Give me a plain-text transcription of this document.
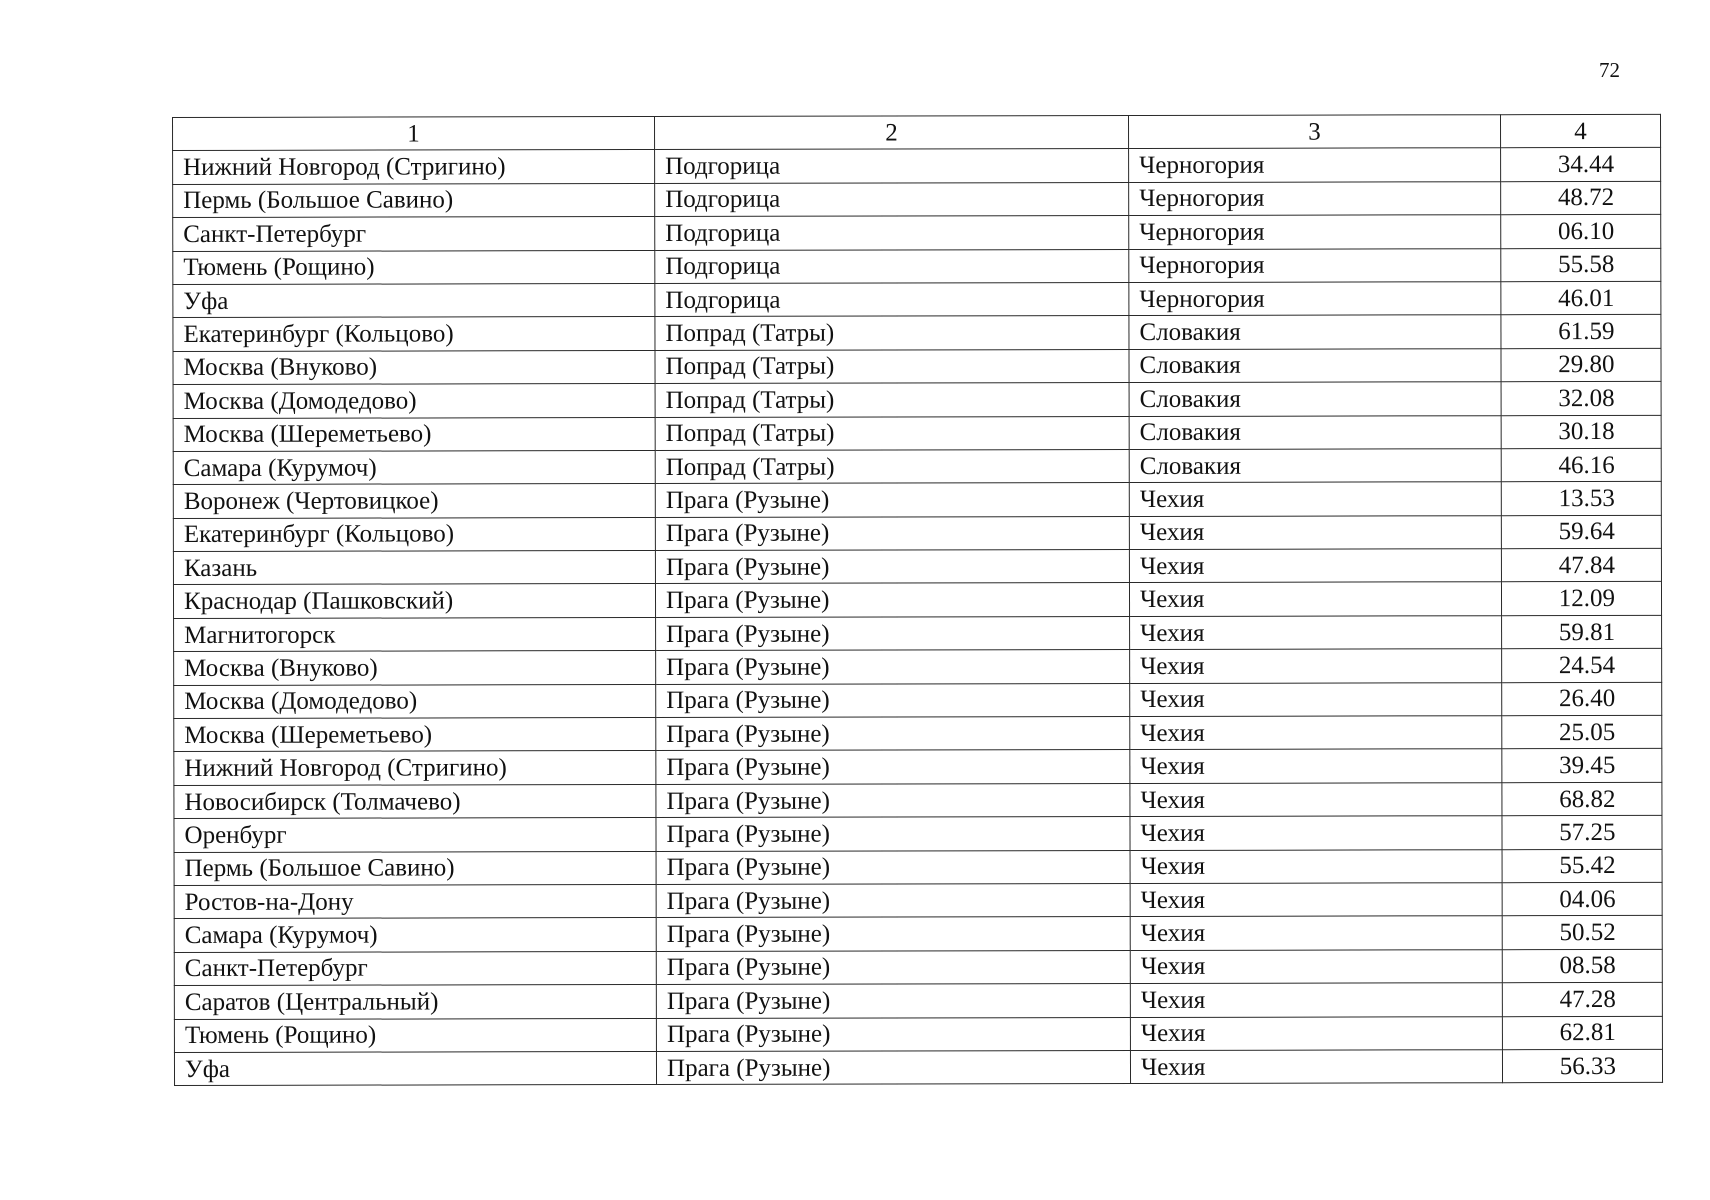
72
1	2	3	4
Нижний Новгород (Стригино)	Подгорица	Черногория	34.44
Пермь (Большое Савино)	Подгорица	Черногория	48.72
Санкт-Петербург	Подгорица	Черногория	06.10
Тюмень (Рощино)	Подгорица	Черногория	55.58
Уфа	Подгорица	Черногория	46.01
Екатеринбург (Кольцово)	Попрад (Татры)	Словакия	61.59
Москва (Внуково)	Попрад (Татры)	Словакия	29.80
Москва (Домодедово)	Попрад (Татры)	Словакия	32.08
Москва (Шереметьево)	Попрад (Татры)	Словакия	30.18
Самара (Курумоч)	Попрад (Татры)	Словакия	46.16
Воронеж (Чертовицкое)	Прага (Рузыне)	Чехия	13.53
Екатеринбург (Кольцово)	Прага (Рузыне)	Чехия	59.64
Казань	Прага (Рузыне)	Чехия	47.84
Краснодар (Пашковский)	Прага (Рузыне)	Чехия	12.09
Магнитогорск	Прага (Рузыне)	Чехия	59.81
Москва (Внуково)	Прага (Рузыне)	Чехия	24.54
Москва (Домодедово)	Прага (Рузыне)	Чехия	26.40
Москва (Шереметьево)	Прага (Рузыне)	Чехия	25.05
Нижний Новгород (Стригино)	Прага (Рузыне)	Чехия	39.45
Новосибирск (Толмачево)	Прага (Рузыне)	Чехия	68.82
Оренбург	Прага (Рузыне)	Чехия	57.25
Пермь (Большое Савино)	Прага (Рузыне)	Чехия	55.42
Ростов-на-Дону	Прага (Рузыне)	Чехия	04.06
Самара (Курумоч)	Прага (Рузыне)	Чехия	50.52
Санкт-Петербург	Прага (Рузыне)	Чехия	08.58
Саратов (Центральный)	Прага (Рузыне)	Чехия	47.28
Тюмень (Рощино)	Прага (Рузыне)	Чехия	62.81
Уфа	Прага (Рузыне)	Чехия	56.33
